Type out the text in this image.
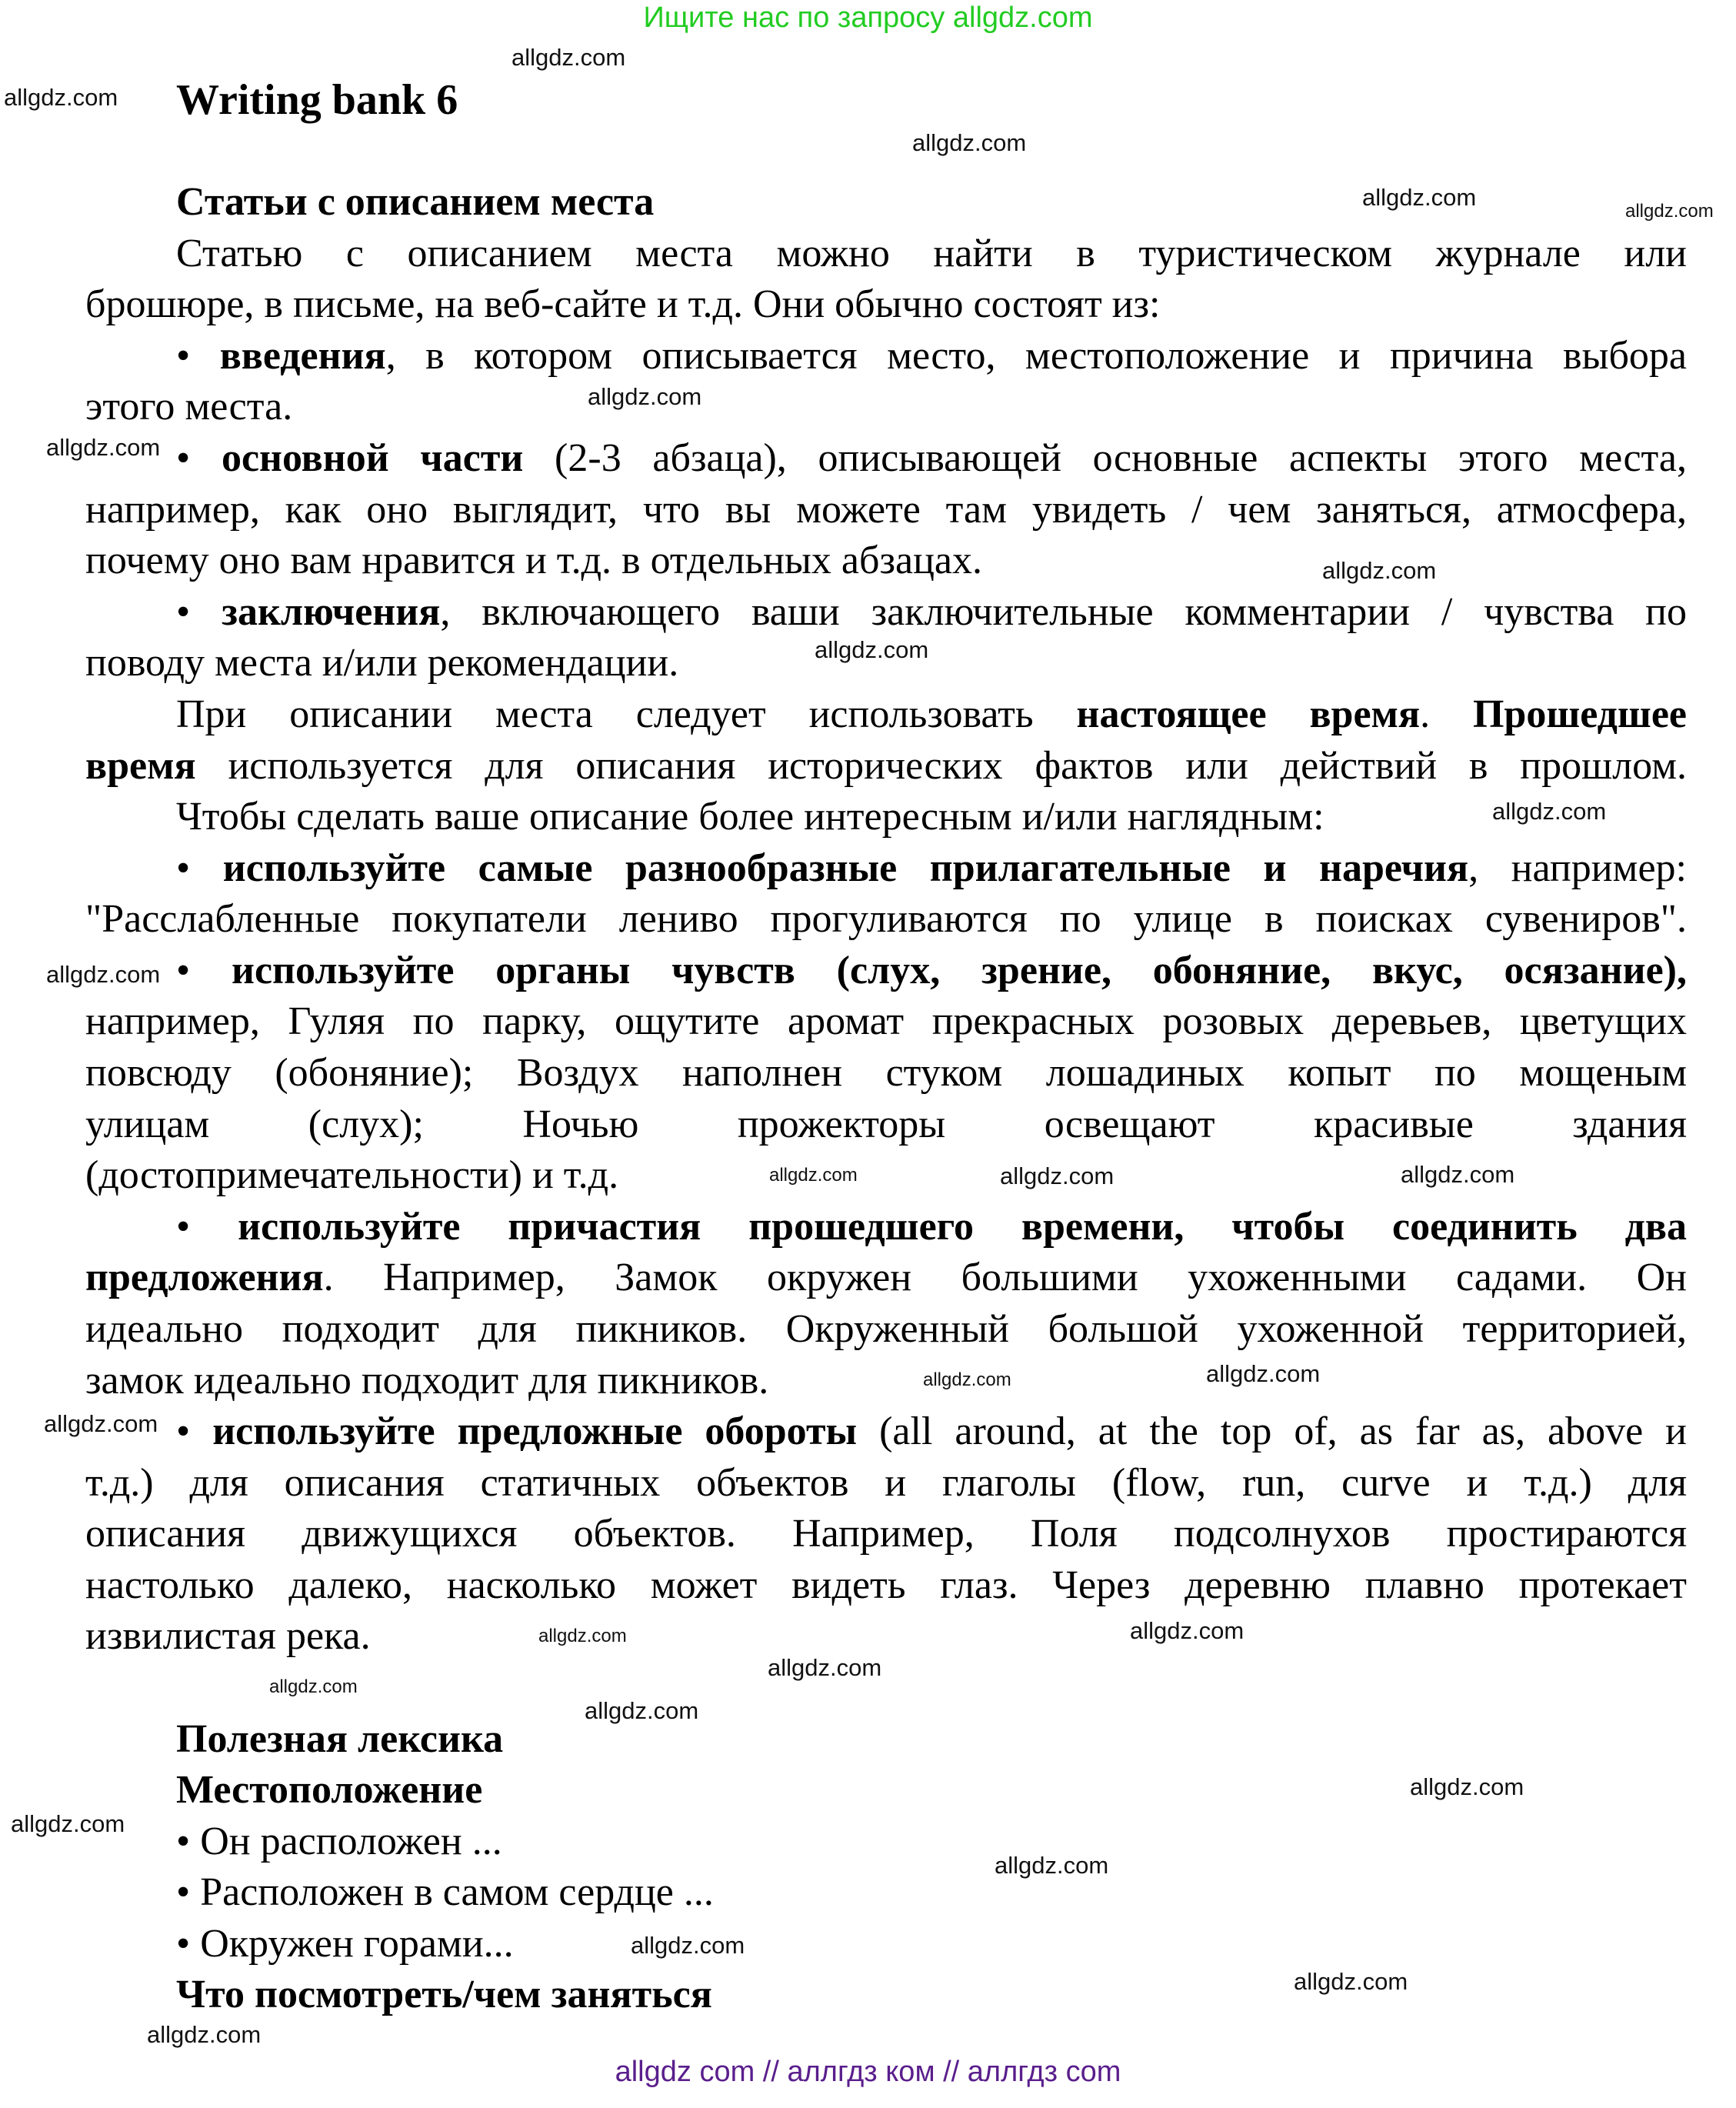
Ищите нас по запросу allgdz.com
Writing bank 6
Статьи с описанием места
Статью с описанием места можно найти в туристическом журнале или
брошюре, в письме, на веб-сайте и т.д. Они обычно состоят из:
• введения, в котором описывается место, местоположение и причина выбора
этого места.
• основной части (2-3 абзаца), описывающей основные аспекты этого места,
например, как оно выглядит, что вы можете там увидеть / чем заняться, атмосфера,
почему оно вам нравится и т.д. в отдельных абзацах.
• заключения, включающего ваши заключительные комментарии / чувства по
поводу места и/или рекомендации.
При описании места следует использовать настоящее время. Прошедшее
время используется для описания исторических фактов или действий в прошлом.
Чтобы сделать ваше описание более интересным и/или наглядным:
• используйте самые разнообразные прилагательные и наречия, например:
"Расслабленные покупатели лениво прогуливаются по улице в поисках сувениров".
• используйте органы чувств (слух, зрение, обоняние, вкус, осязание),
например, Гуляя по парку, ощутите аромат прекрасных розовых деревьев, цветущих
повсюду (обоняние); Воздух наполнен стуком лошадиных копыт по мощеным
улицам (слух); Ночью прожекторы освещают красивые здания
(достопримечательности) и т.д.
• используйте причастия прошедшего времени, чтобы соединить два
предложения. Например, Замок окружен большими ухоженными садами. Он
идеально подходит для пикников. Окруженный большой ухоженной территорией,
замок идеально подходит для пикников.
• используйте предложные обороты (all around, at the top of, as far as, above и
т.д.) для описания статичных объектов и глаголы (flow, run, curve и т.д.) для
описания движущихся объектов. Например, Поля подсолнухов простираются
настолько далеко, насколько может видеть глаз. Через деревню плавно протекает
извилистая река.
Полезная лексика
Местоположение
• Он расположен ...
• Расположен в самом сердце ...
• Окружен горами...
Что посмотреть/чем заняться
allgdz.com
allgdz.com
allgdz.com
allgdz.com
allgdz.com
allgdz.com
allgdz.com
allgdz.com
allgdz.com
allgdz.com
allgdz.com
allgdz.com
allgdz.com
allgdz.com
allgdz.com
allgdz.com
allgdz.com
allgdz.com
allgdz.com
allgdz.com
allgdz.com
allgdz.com
allgdz.com
allgdz.com
allgdz.com
allgdz.com
allgdz.com
allgdz.com
allgdz com // аллгдз ком // аллгдз com
